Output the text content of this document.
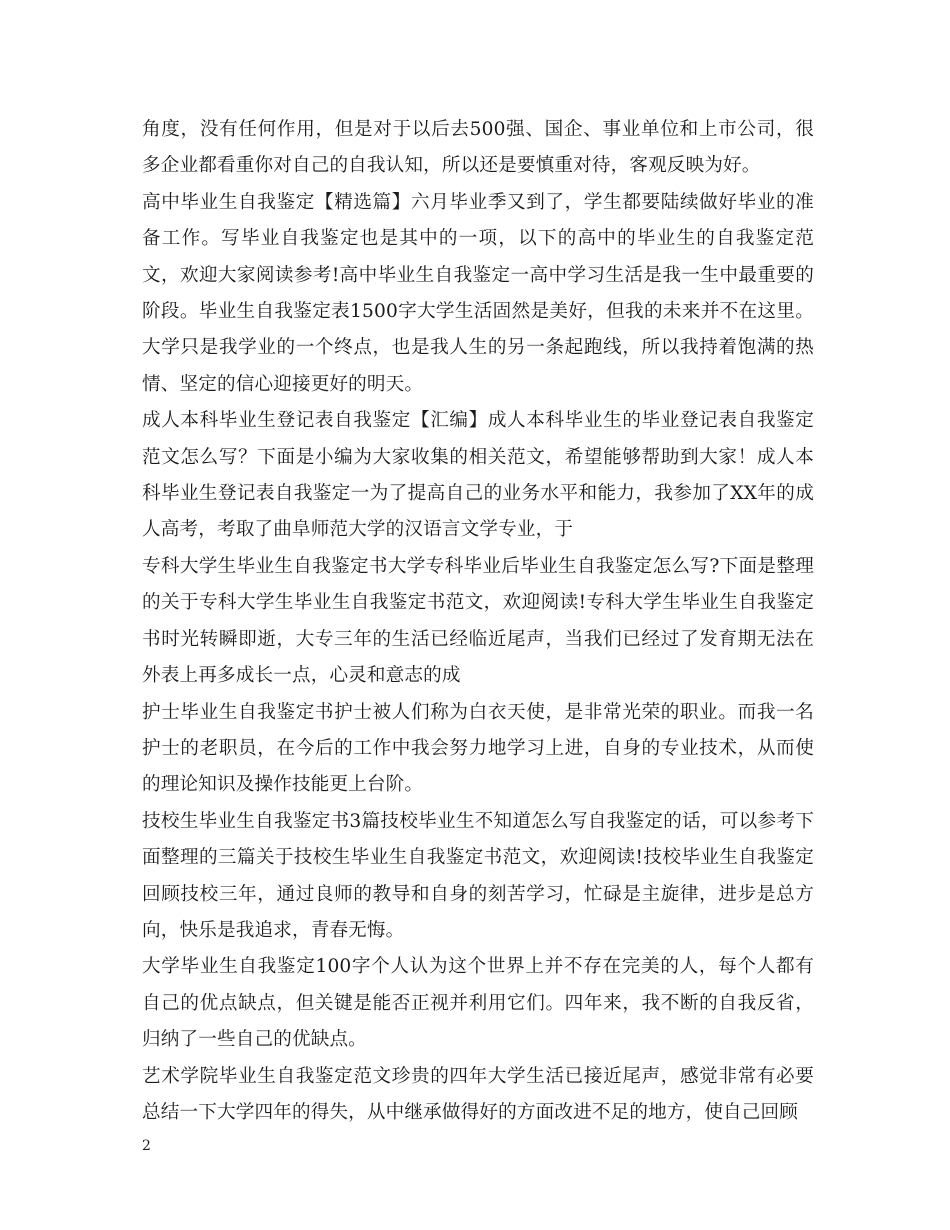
角度，没有任何作用，但是对于以后去500强、国企、事业单位和上市公司，很多企业都看重你对自己的自我认知，所以还是要慎重对待，客观反映为好。

高中毕业生自我鉴定【精选篇】六月毕业季又到了，学生都要陆续做好毕业的准备工作。写毕业自我鉴定也是其中的一项，以下的高中的毕业生的自我鉴定范文，欢迎大家阅读参考!高中毕业生自我鉴定一高中学习生活是我一生中最重要的阶段。毕业生自我鉴定表1500字大学生活固然是美好，但我的未来并不在这里。大学只是我学业的一个终点，也是我人生的另一条起跑线，所以我持着饱满的热情、坚定的信心迎接更好的明天。

成人本科毕业生登记表自我鉴定【汇编】成人本科毕业生的毕业登记表自我鉴定范文怎么写？下面是小编为大家收集的相关范文，希望能够帮助到大家！成人本科毕业生登记表自我鉴定一为了提高自己的业务水平和能力，我参加了XX年的成人高考，考取了曲阜师范大学的汉语言文学专业，于

专科大学生毕业生自我鉴定书大学专科毕业后毕业生自我鉴定怎么写?下面是整理的关于专科大学生毕业生自我鉴定书范文，欢迎阅读!专科大学生毕业生自我鉴定书时光转瞬即逝，大专三年的生活已经临近尾声，当我们已经过了发育期无法在外表上再多成长一点，心灵和意志的成

护士毕业生自我鉴定书护士被人们称为白衣天使，是非常光荣的职业。而我一名护士的老职员，在今后的工作中我会努力地学习上进，自身的专业技术，从而使的理论知识及操作技能更上台阶。

技校生毕业生自我鉴定书3篇技校毕业生不知道怎么写自我鉴定的话，可以参考下面整理的三篇关于技校生毕业生自我鉴定书范文，欢迎阅读!技校毕业生自我鉴定回顾技校三年，通过良师的教导和自身的刻苦学习，忙碌是主旋律，进步是总方向，快乐是我追求，青春无悔。

大学毕业生自我鉴定100字个人认为这个世界上并不存在完美的人，每个人都有自己的优点缺点，但关键是能否正视并利用它们。四年来，我不断的自我反省，归纳了一些自己的优缺点。

艺术学院毕业生自我鉴定范文珍贵的四年大学生活已接近尾声，感觉非常有必要总结一下大学四年的得失，从中继承做得好的方面改进不足的地方，使自己回顾

2
